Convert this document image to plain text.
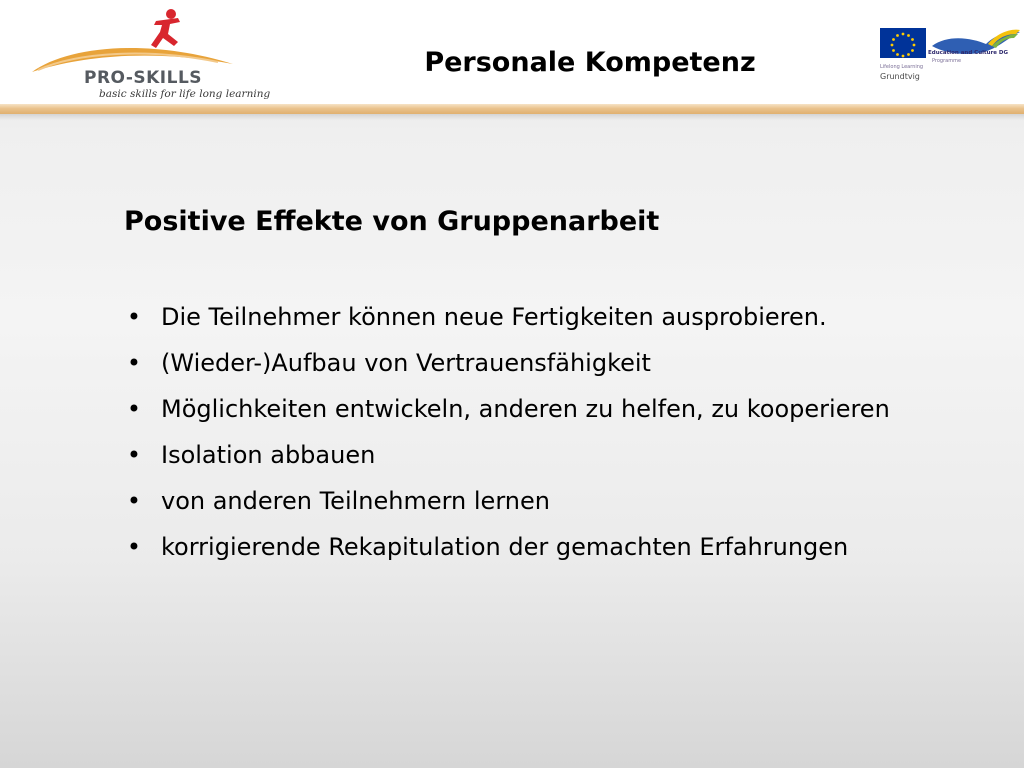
PRO-SKILLS

basic skills for life long learning

Personale Kompetenz	Education and Culture DG

Programme

Lifelong Learning

Grundtvig

Positive Effekte von Gruppenarbeit
• Die Teilnehmer können neue Fertigkeiten ausprobieren.
• (Wieder-)Aufbau von Vertrauensfähigkeit
• Möglichkeiten entwickeln, anderen zu helfen, zu kooperieren
• Isolation abbauen
• von anderen Teilnehmern lernen
• korrigierende Rekapitulation der gemachten Erfahrungen
